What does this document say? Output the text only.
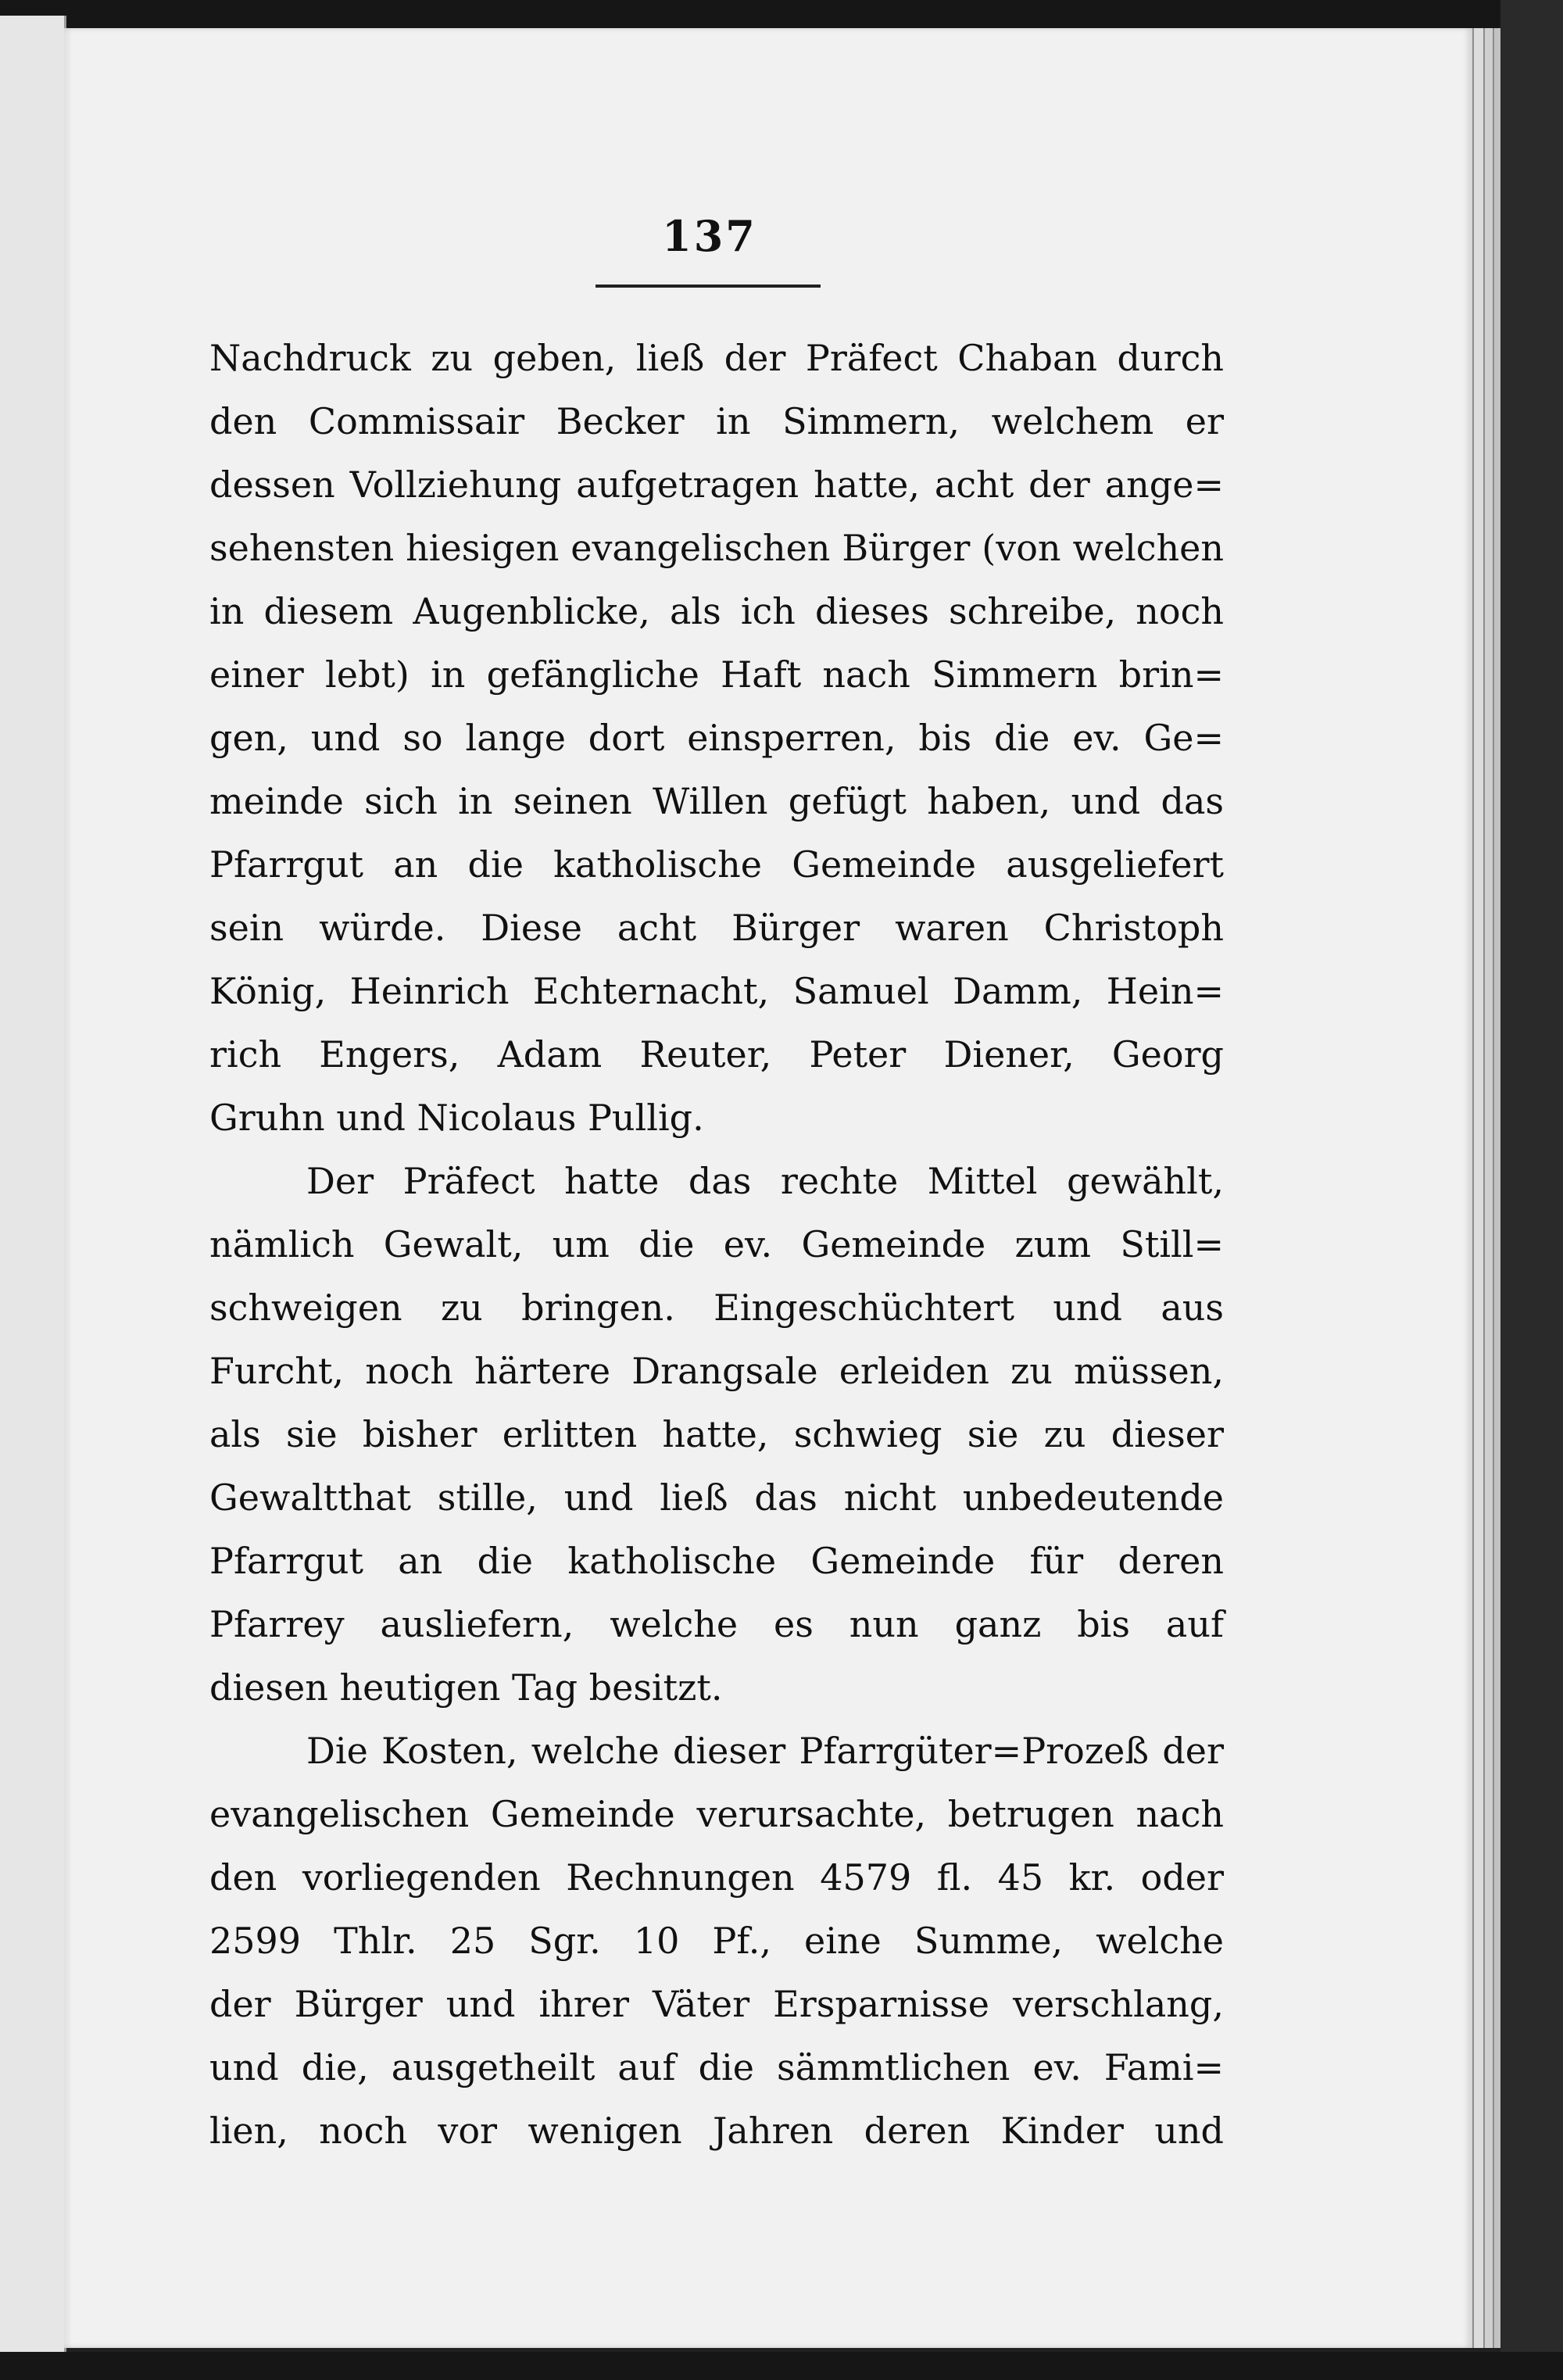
137
Nachdruck zu geben, ließ der Präfect Chaban durch
den Commissair Becker in Simmern, welchem er
dessen Vollziehung aufgetragen hatte, acht der ange=
sehensten hiesigen evangelischen Bürger (von welchen
in diesem Augenblicke, als ich dieses schreibe, noch
einer lebt) in gefängliche Haft nach Simmern brin=
gen, und so lange dort einsperren, bis die ev. Ge=
meinde sich in seinen Willen gefügt haben, und das
Pfarrgut an die katholische Gemeinde ausgeliefert
sein würde. Diese acht Bürger waren Christoph
König, Heinrich Echternacht, Samuel Damm, Hein=
rich Engers, Adam Reuter, Peter Diener, Georg
Gruhn und Nicolaus Pullig.
Der Präfect hatte das rechte Mittel gewählt,
nämlich Gewalt, um die ev. Gemeinde zum Still=
schweigen zu bringen. Eingeschüchtert und aus
Furcht, noch härtere Drangsale erleiden zu müssen,
als sie bisher erlitten hatte, schwieg sie zu dieser
Gewaltthat stille, und ließ das nicht unbedeutende
Pfarrgut an die katholische Gemeinde für deren
Pfarrey ausliefern, welche es nun ganz bis auf
diesen heutigen Tag besitzt.
Die Kosten, welche dieser Pfarrgüter=Prozeß der
evangelischen Gemeinde verursachte, betrugen nach
den vorliegenden Rechnungen 4579 fl. 45 kr. oder
2599 Thlr. 25 Sgr. 10 Pf., eine Summe, welche
der Bürger und ihrer Väter Ersparnisse verschlang,
und die, ausgetheilt auf die sämmtlichen ev. Fami=
lien, noch vor wenigen Jahren deren Kinder und
